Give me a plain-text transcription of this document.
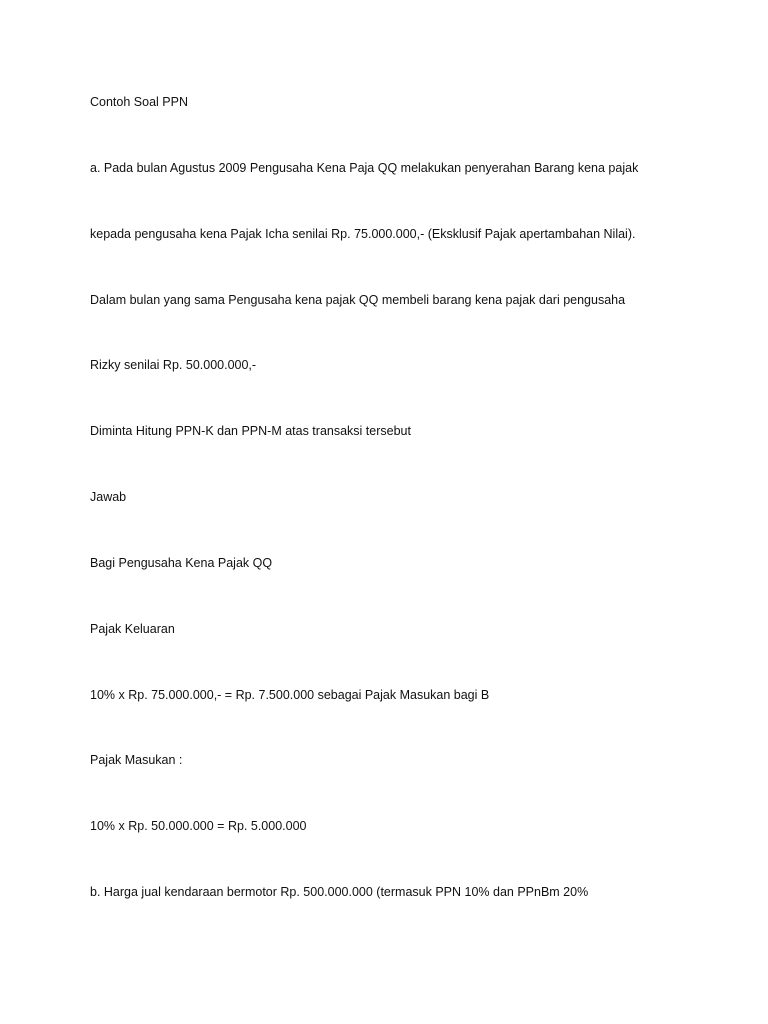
Contoh Soal PPN

a. Pada bulan Agustus 2009 Pengusaha Kena Paja QQ melakukan penyerahan Barang kena pajak

kepada pengusaha kena Pajak Icha senilai Rp. 75.000.000,- (Eksklusif Pajak apertambahan Nilai).

Dalam bulan yang sama Pengusaha kena pajak QQ membeli barang kena pajak dari pengusaha

Rizky senilai Rp. 50.000.000,-

Diminta Hitung PPN-K dan PPN-M atas transaksi tersebut

Jawab

Bagi Pengusaha Kena Pajak QQ

Pajak Keluaran

10% x Rp. 75.000.000,- = Rp. 7.500.000 sebagai Pajak Masukan bagi B

Pajak Masukan :

10% x Rp. 50.000.000 = Rp. 5.000.000

b. Harga jual kendaraan bermotor Rp. 500.000.000 (termasuk PPN 10% dan PPnBm 20%
